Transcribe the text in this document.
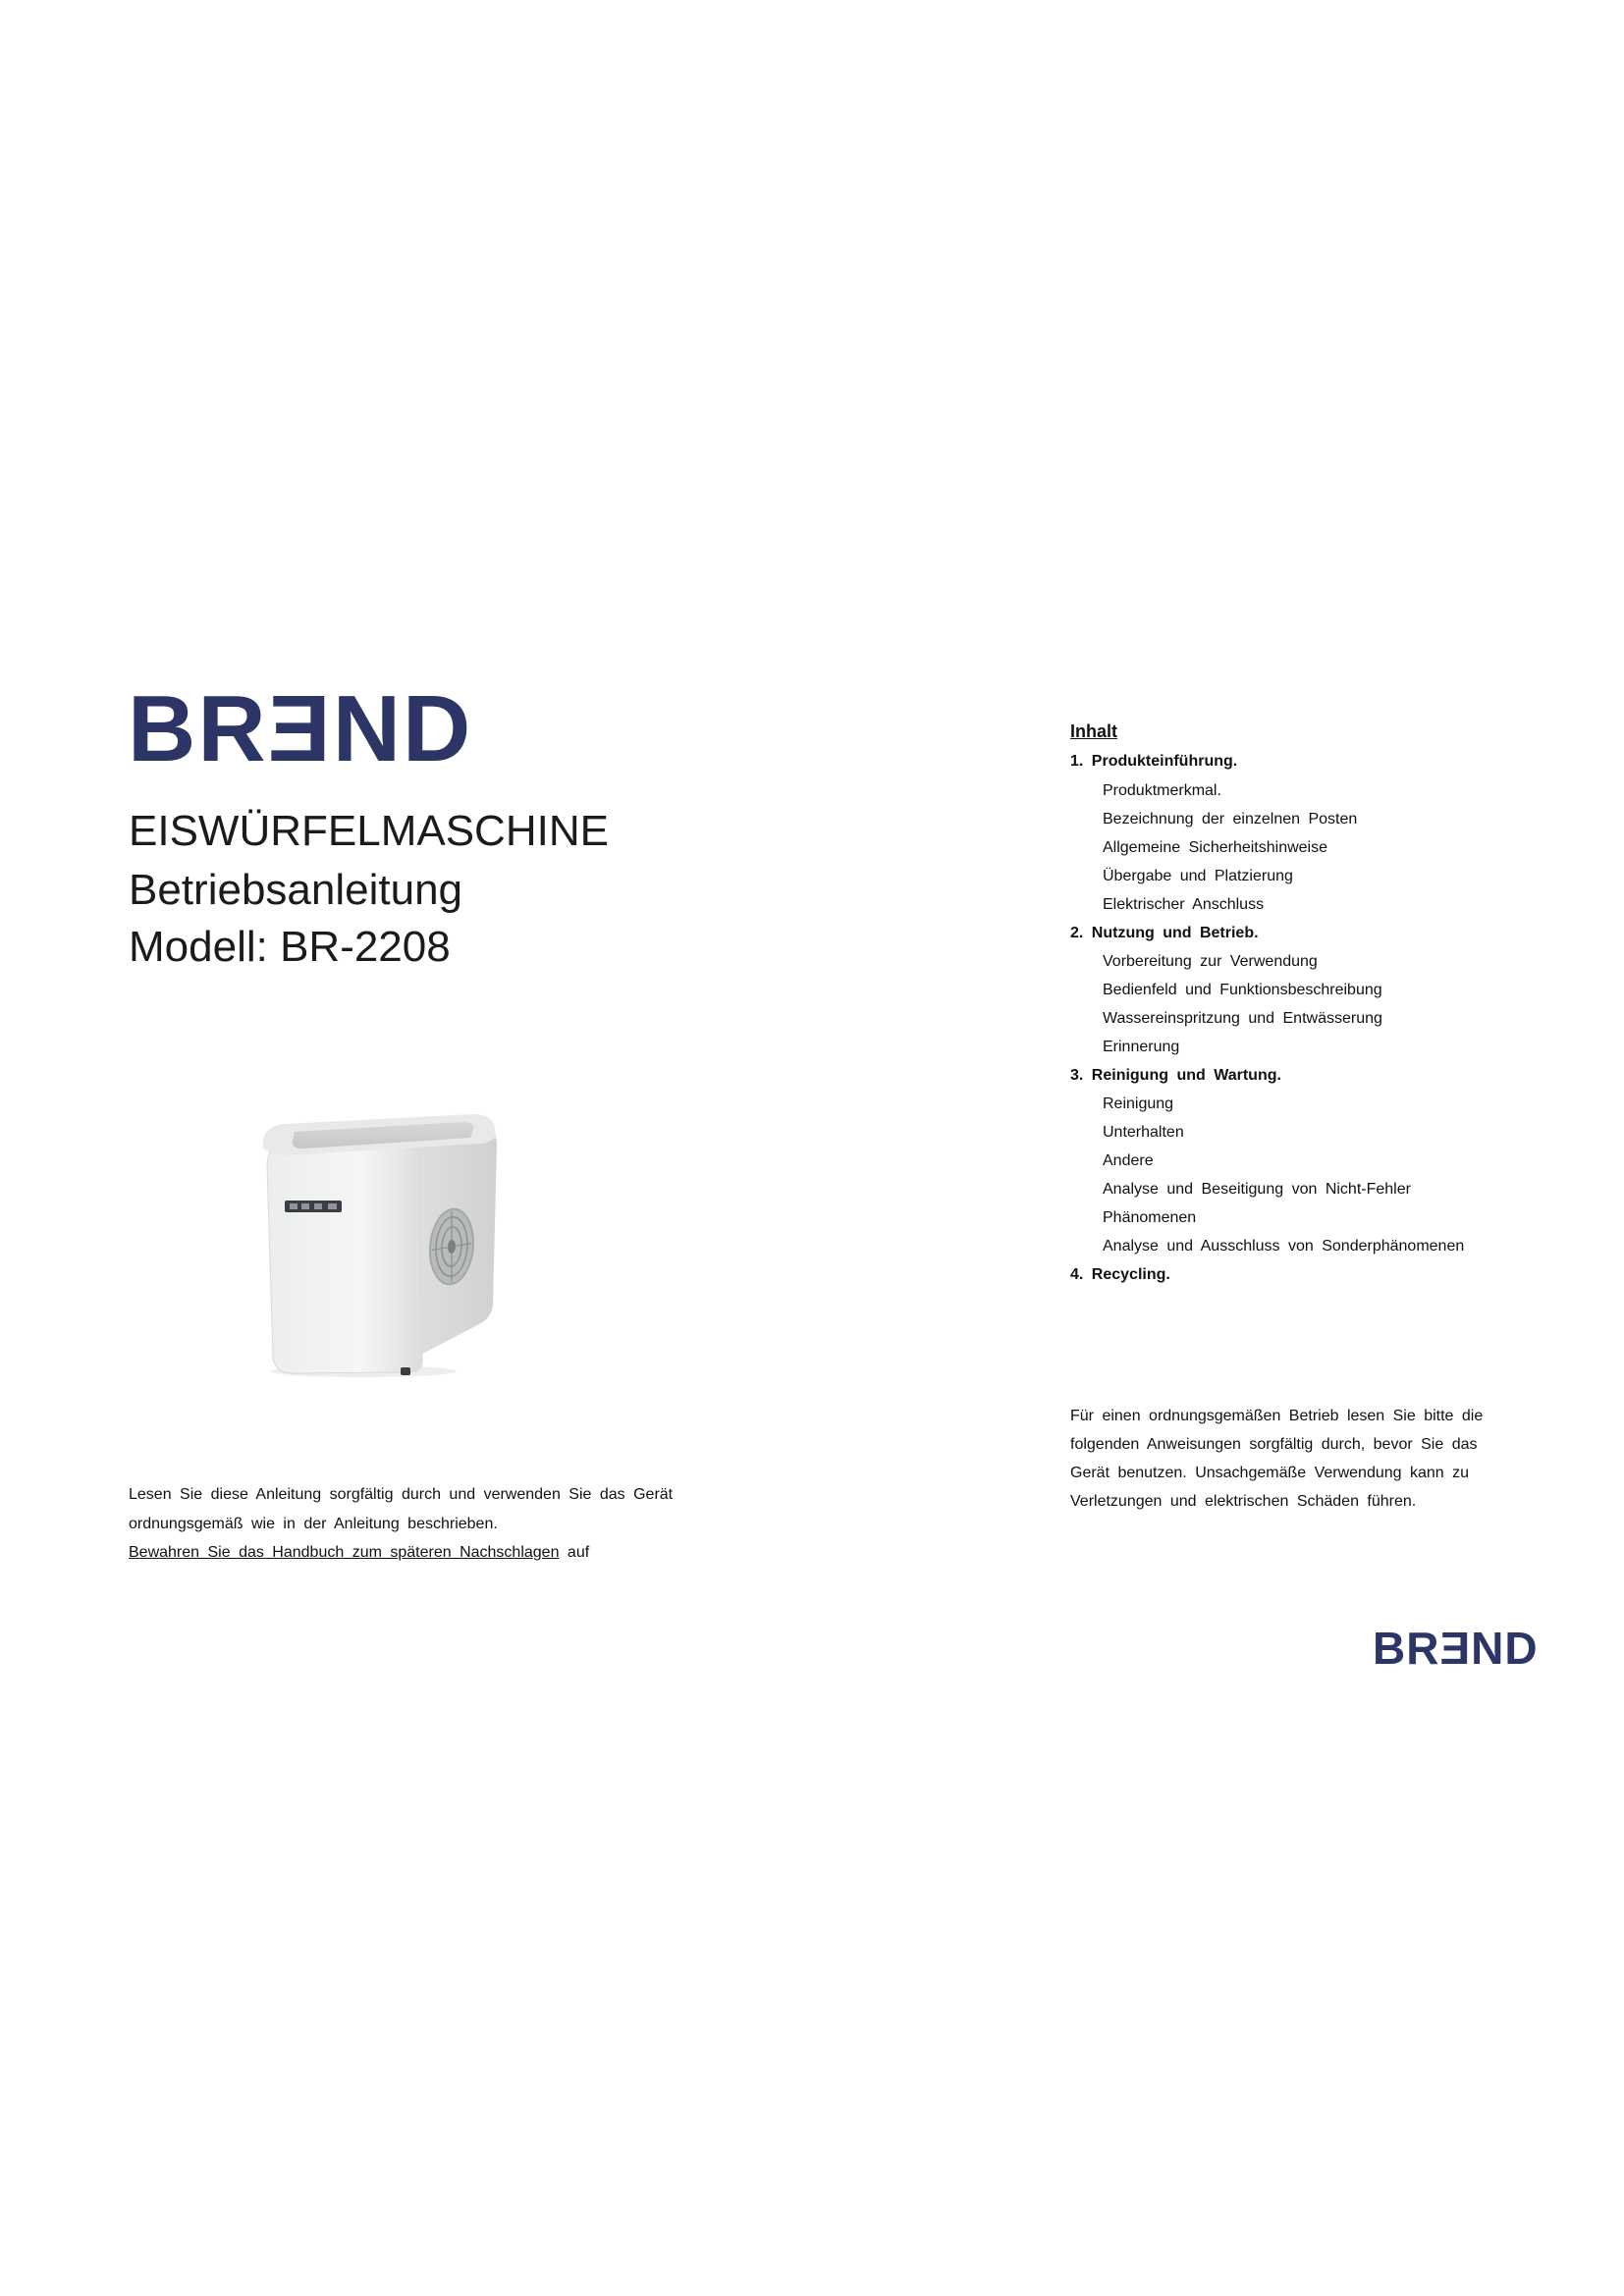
BRƎND
EISWÜRFELMASCHINE
Betriebsanleitung
Modell: BR-2208
Lesen Sie diese Anleitung sorgfältig durch und verwenden Sie das Gerät
ordnungsgemäß wie in der Anleitung beschrieben.
Bewahren Sie das Handbuch zum späteren Nachschlagen auf
Inhalt
1. Produkteinführung.
Produktmerkmal.
Bezeichnung der einzelnen Posten
Allgemeine Sicherheitshinweise
Übergabe und Platzierung
Elektrischer Anschluss
2. Nutzung und Betrieb.
Vorbereitung zur Verwendung
Bedienfeld und Funktionsbeschreibung
Wassereinspritzung und Entwässerung
Erinnerung
3. Reinigung und Wartung.
Reinigung
Unterhalten
Andere
Analyse und Beseitigung von Nicht-Fehler
Phänomenen
Analyse und Ausschluss von Sonderphänomenen
4. Recycling.
Für einen ordnungsgemäßen Betrieb lesen Sie bitte die
folgenden Anweisungen sorgfältig durch, bevor Sie das
Gerät benutzen. Unsachgemäße Verwendung kann zu
Verletzungen und elektrischen Schäden führen.
BRƎND
